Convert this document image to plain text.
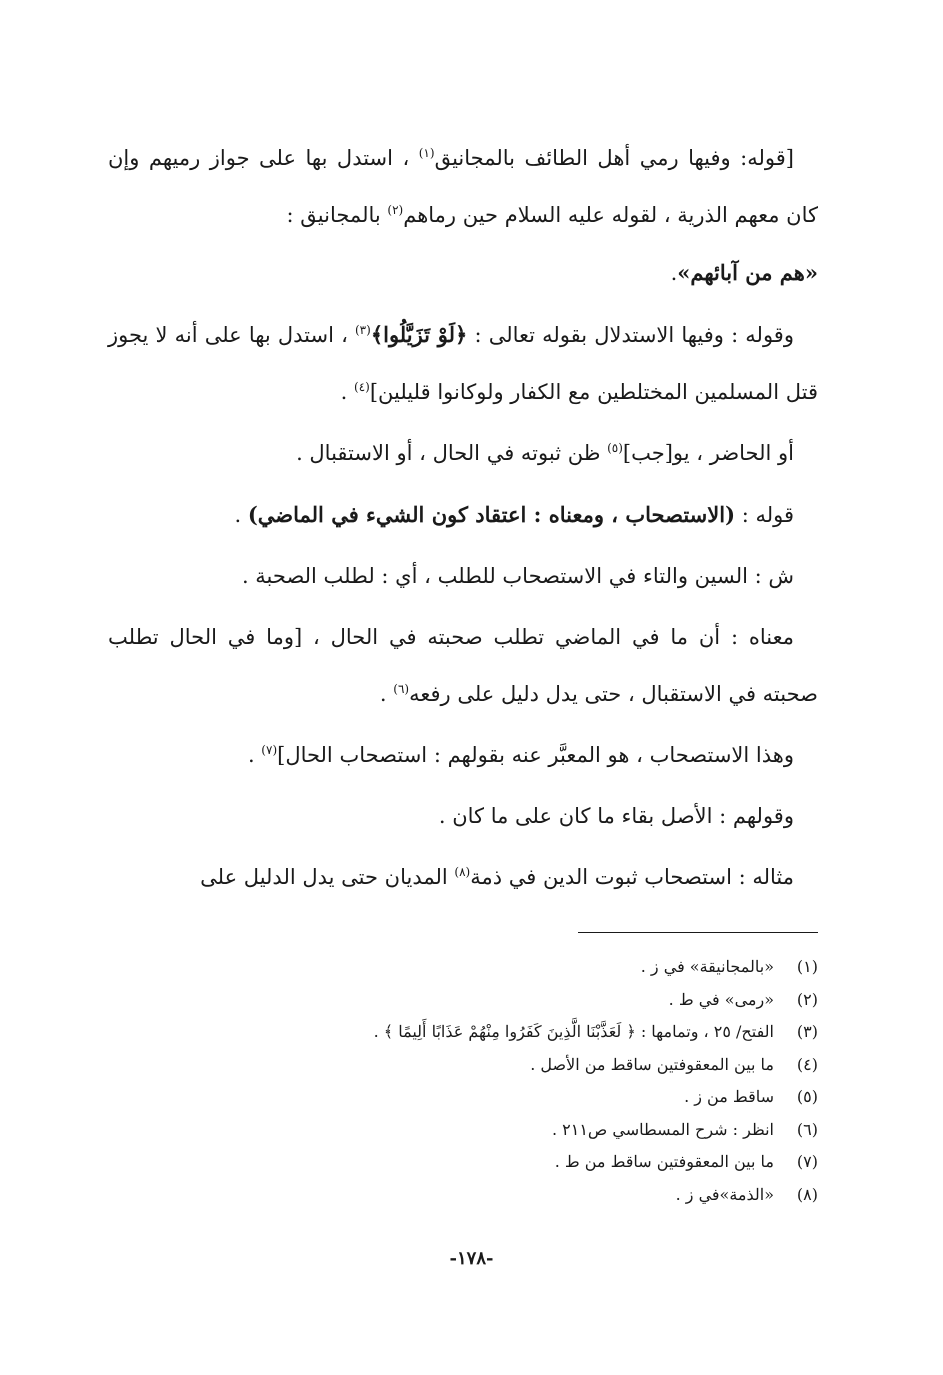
[قوله: وفيها رمي أهل الطائف بالمجانيق$^{(١)}$ ، استدل بها على جواز رميهم وإن كان معهم الذرية ، لقوله عليه السلام حين رماهم$^{(٢)}$ بالمجانيق :
«هم من آبائهم».

وقوله : وفيها الاستدلال بقوله تعالى : ﴿لَوْ تَزَيَّلُوا﴾$^{(٣)}$ ، استدل بها على أنه لا يجوز قتل المسلمين المختلطين مع الكفار ولوكانوا قليلين]$^{(٤)}$ .

أو الحاضر ، يو[جب]$^{(٥)}$ ظن ثبوته في الحال ، أو الاستقبال .

قوله : (الاستصحاب ، ومعناه : اعتقاد كون الشيء في الماضي) .

ش : السين والتاء في الاستصحاب للطلب ، أي : لطلب الصحبة .

معناه : أن ما في الماضي تطلب صحبته في الحال ، [وما في الحال تطلب صحبته في الاستقبال ، حتى يدل دليل على رفعه$^{(٦)}$ .

وهذا الاستصحاب ، هو المعبَّر عنه بقولهم : استصحاب الحال]$^{(٧)}$ .

وقولهم : الأصل بقاء ما كان على ما كان .

مثاله : استصحاب ثبوت الدين في ذمة$^{(٨)}$ المديان حتى يدل الدليل على

(١)
«بالمجانيقة» في ز .
(٢)
«رمى» في ط .
(٣)
الفتح/ ٢٥ ، وتمامها : ﴿ لَعَذَّبْنَا الَّذِينَ كَفَرُوا مِنْهُمْ عَذَابًا أَلِيمًا ﴾ .
(٤)
ما بين المعقوفتين ساقط من الأصل .
(٥)
ساقط من ز .
(٦)
انظر : شرح المسطاسي ص٢١١ .
(٧)
ما بين المعقوفتين ساقط من ط .
(٨)
«الذمة»في ز .
-١٧٨-
